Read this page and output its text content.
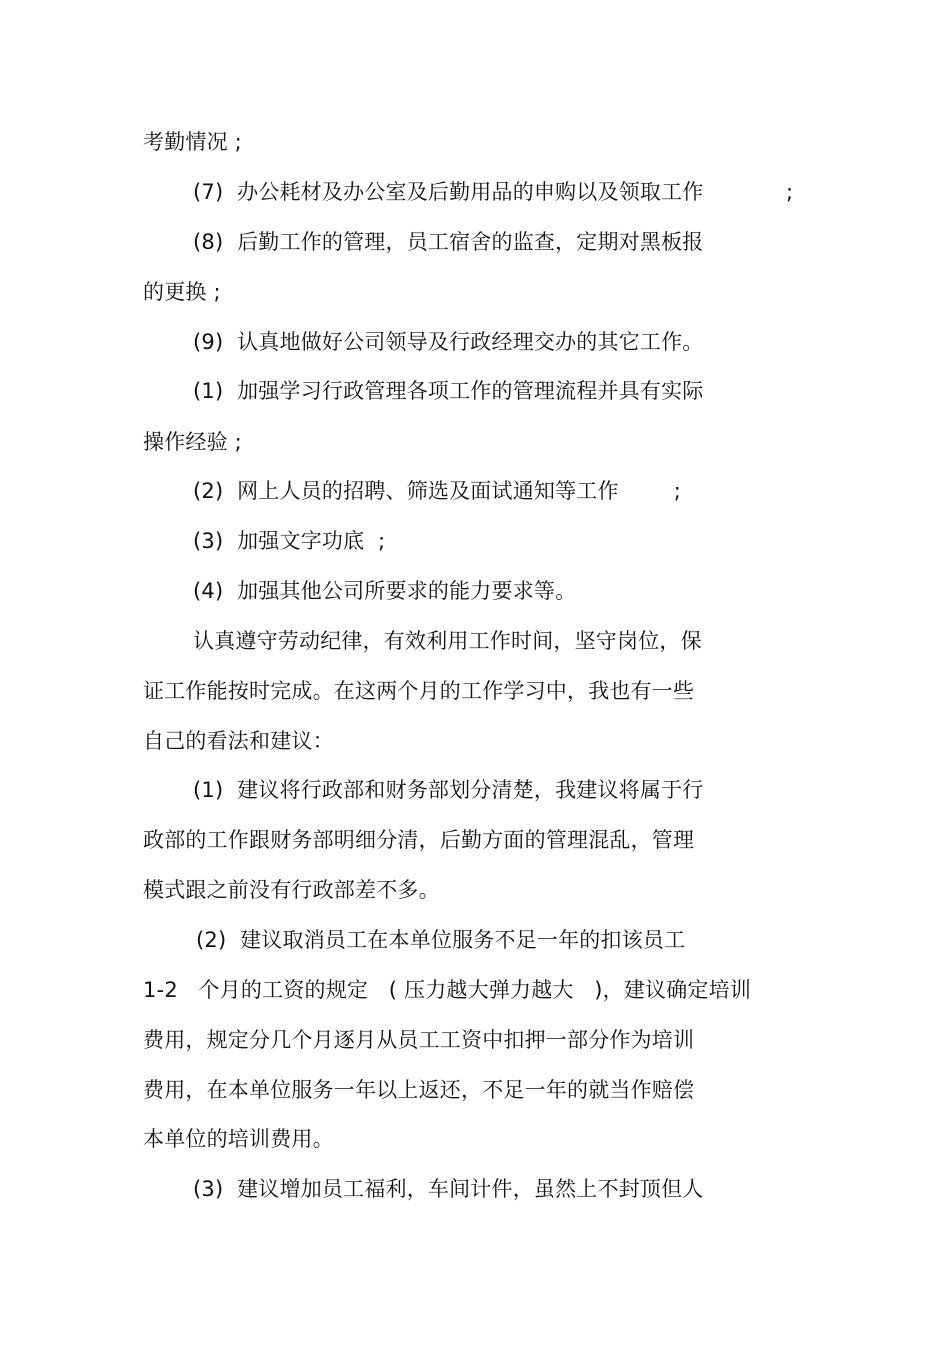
考勤情况 ;
(7)  办公耗材及办公室及后勤用品的申购以及领取工作            ;
(8)  后勤工作的管理，员工宿舍的监查，定期对黑板报
的更换 ;
(9)  认真地做好公司领导及行政经理交办的其它工作。
(1)  加强学习行政管理各项工作的管理流程并具有实际
操作经验 ;
(2)  网上人员的招聘、筛选及面试通知等工作        ;
(3)  加强文字功底  ;
(4)  加强其他公司所要求的能力要求等。
认真遵守劳动纪律，有效利用工作时间，坚守岗位，保
证工作能按时完成。在这两个月的工作学习中，我也有一些
自己的看法和建议：
(1)  建议将行政部和财务部划分清楚，我建议将属于行
政部的工作跟财务部明细分清，后勤方面的管理混乱，管理
模式跟之前没有行政部差不多。
(2)  建议取消员工在本单位服务不足一年的扣该员工
1-2   个月的工资的规定   ( 压力越大弹力越大   )，建议确定培训
费用，规定分几个月逐月从员工工资中扣押一部分作为培训
费用，在本单位服务一年以上返还，不足一年的就当作赔偿
本单位的培训费用。
(3)  建议增加员工福利，车间计件，虽然上不封顶但人
